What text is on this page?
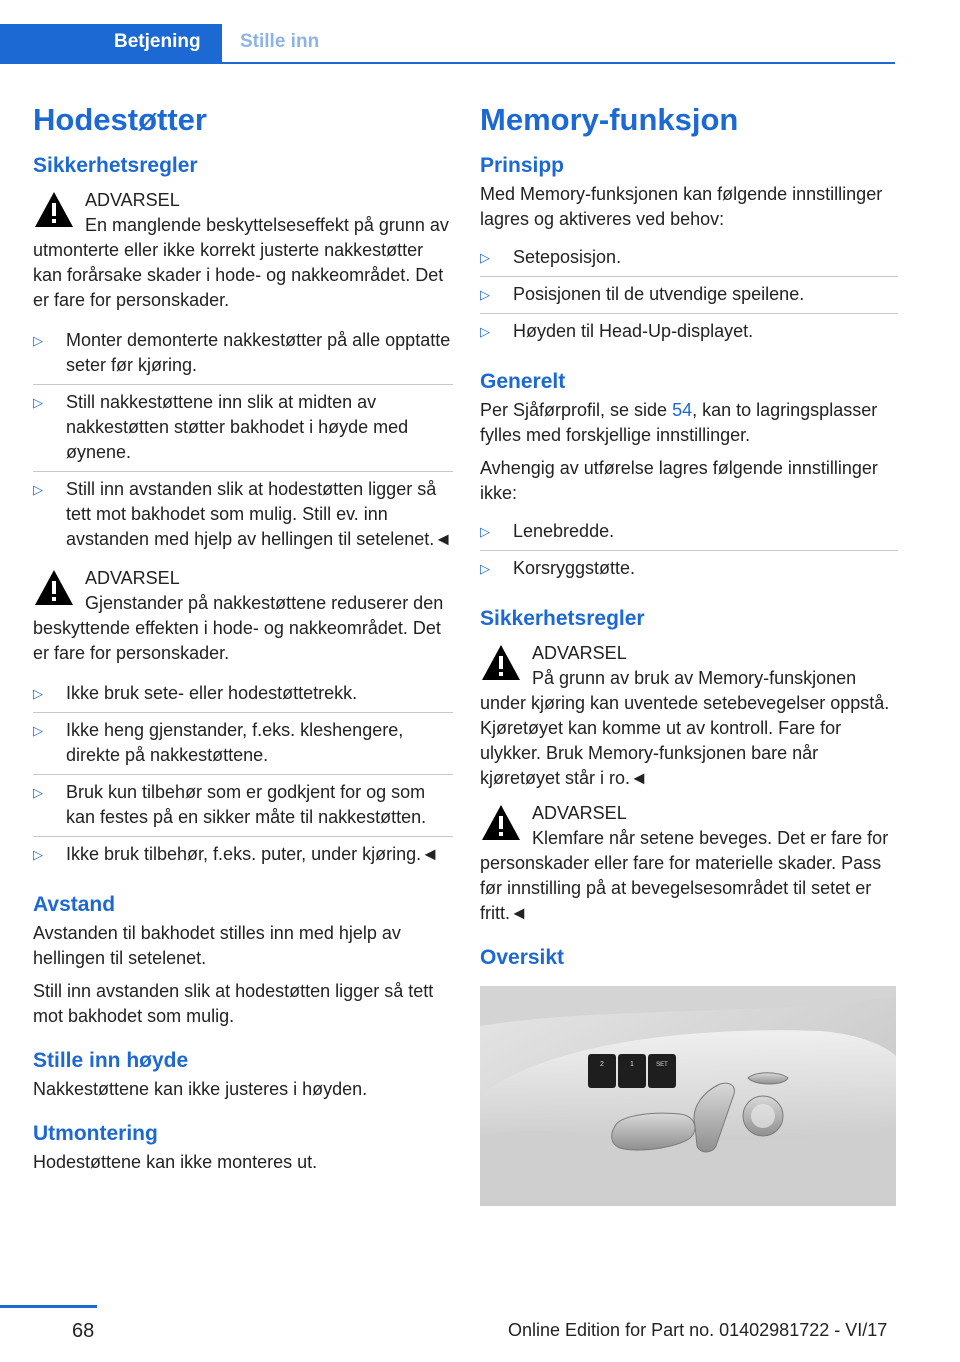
Betjening	Stille inn
Hodestøtter
Sikkerhetsregler
ADVARSEL
En manglende beskyttelseseffekt på grunn av utmonterte eller ikke korrekt justerte nakkestøtter kan forårsake skader i hode- og nakkeområdet. Det er fare for personskader.
▷ Monter demonterte nakkestøtter på alle opptatte seter før kjøring.
▷ Still nakkestøttene inn slik at midten av nakkestøtten støtter bakhodet i høyde med øynene.
▷ Still inn avstanden slik at hodestøtten ligger så tett mot bakhodet som mulig. Still ev. inn avstanden med hjelp av hellingen til setelenet.◄
ADVARSEL
Gjenstander på nakkestøttene reduserer den beskyttende effekten i hode- og nakkeområdet. Det er fare for personskader.
▷ Ikke bruk sete- eller hodestøttetrekk.
▷ Ikke heng gjenstander, f.eks. kleshengere, direkte på nakkestøttene.
▷ Bruk kun tilbehør som er godkjent for og som kan festes på en sikker måte til nakkestøtten.
▷ Ikke bruk tilbehør, f.eks. puter, under kjøring.◄
Avstand

Avstanden til bakhodet stilles inn med hjelp av hellingen til setelenet.

Still inn avstanden slik at hodestøtten ligger så tett mot bakhodet som mulig.

Stille inn høyde

Nakkestøttene kan ikke justeres i høyden.

Utmontering

Hodestøttene kan ikke monteres ut.

Memory-funksjon
Prinsipp

Med Memory-funksjonen kan følgende innstillinger lagres og aktiveres ved behov:

▷ Seteposisjon.
▷ Posisjonen til de utvendige speilene.
▷ Høyden til Head-Up-displayet.
Generelt

Per Sjåførprofil, se side 54, kan to lagringsplasser fylles med forskjellige innstillinger.

Avhengig av utførelse lagres følgende innstillinger ikke:

▷ Lenebredde.
▷ Korsryggstøtte.
Sikkerhetsregler
ADVARSEL
På grunn av bruk av Memory-funskjonen under kjøring kan uventede setebevegelser oppstå. Kjøretøyet kan komme ut av kontroll. Fare for ulykker. Bruk Memory-funksjonen bare når kjøretøyet står i ro.◄
ADVARSEL
Klemfare når setene beveges. Det er fare for personskader eller fare for materielle skader. Pass før innstilling på at bevegelsesområdet til setet er fritt.◄
Oversikt
2	1	SET
68	Online Edition for Part no. 01402981722 - VI/17
